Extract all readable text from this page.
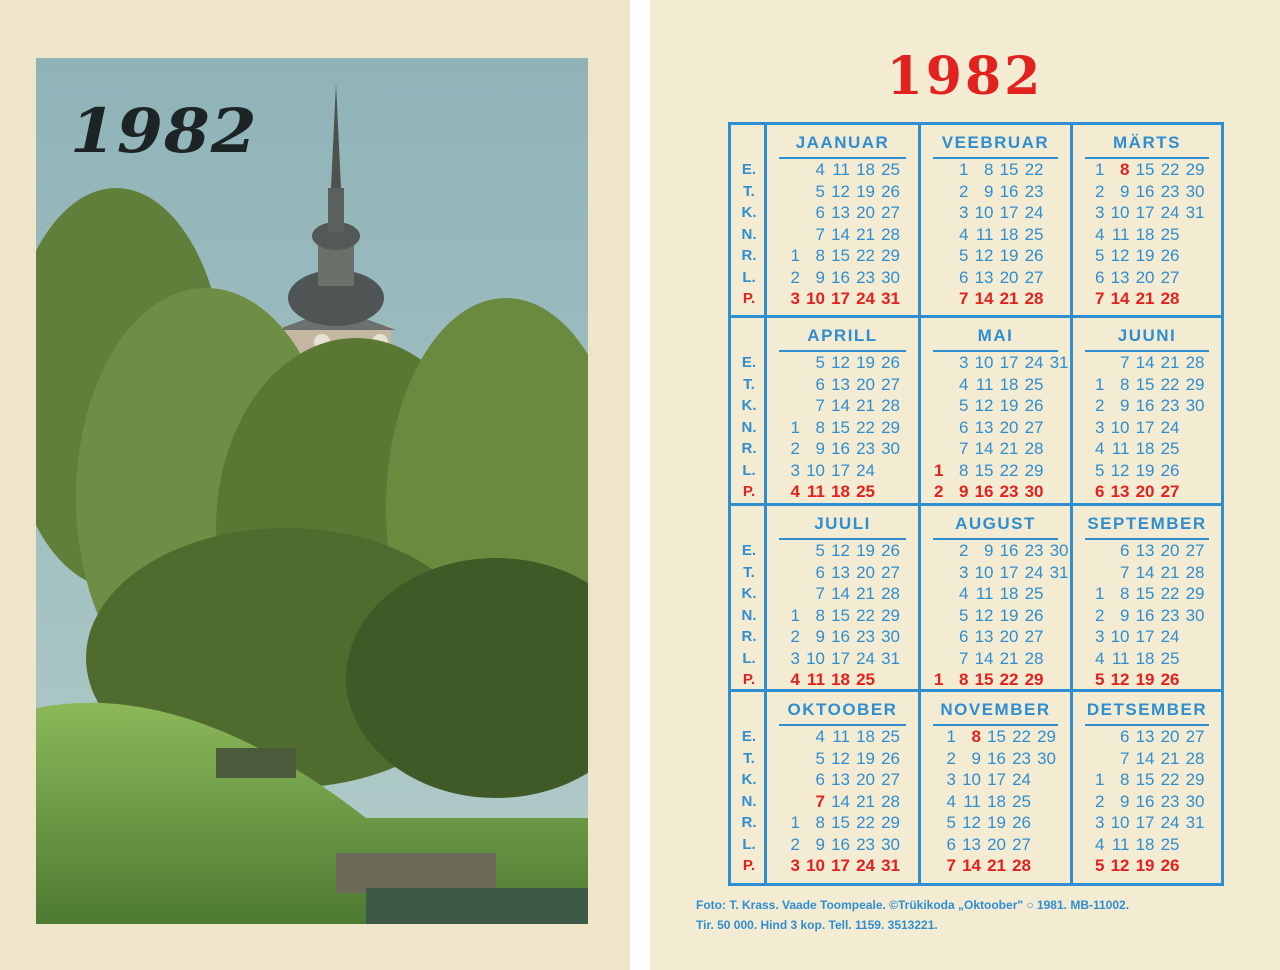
1982
1982
E.
T.
K.
N.
R.
L.
P.
JAANUAR
1
2
3
4
5
6
7
8
9
10
11
12
13
14
15
16
17
18
19
20
21
22
23
24
25
26
27
28
29
30
31
VEEBRUAR
1
2
3
4
5
6
7
8
9
10
11
12
13
14
15
16
17
18
19
20
21
22
23
24
25
26
27
28
MÄRTS
1
2
3
4
5
6
7
8
9
10
11
12
13
14
15
16
17
18
19
20
21
22
23
24
25
26
27
28
29
30
31
E.
T.
K.
N.
R.
L.
P.
APRILL
1
2
3
4
5
6
7
8
9
10
11
12
13
14
15
16
17
18
19
20
21
22
23
24
25
26
27
28
29
30
MAI
1
2
3
4
5
6
7
8
9
10
11
12
13
14
15
16
17
18
19
20
21
22
23
24
25
26
27
28
29
30
31
JUUNI
1
2
3
4
5
6
7
8
9
10
11
12
13
14
15
16
17
18
19
20
21
22
23
24
25
26
27
28
29
30
E.
T.
K.
N.
R.
L.
P.
JUULI
1
2
3
4
5
6
7
8
9
10
11
12
13
14
15
16
17
18
19
20
21
22
23
24
25
26
27
28
29
30
31
AUGUST
1
2
3
4
5
6
7
8
9
10
11
12
13
14
15
16
17
18
19
20
21
22
23
24
25
26
27
28
29
30
31
SEPTEMBER
1
2
3
4
5
6
7
8
9
10
11
12
13
14
15
16
17
18
19
20
21
22
23
24
25
26
27
28
29
30
E.
T.
K.
N.
R.
L.
P.
OKTOOBER
1
2
3
4
5
6
7
8
9
10
11
12
13
14
15
16
17
18
19
20
21
22
23
24
25
26
27
28
29
30
31
NOVEMBER
1
2
3
4
5
6
7
8
9
10
11
12
13
14
15
16
17
18
19
20
21
22
23
24
25
26
27
28
29
30
DETSEMBER
1
2
3
4
5
6
7
8
9
10
11
12
13
14
15
16
17
18
19
20
21
22
23
24
25
26
27
28
29
30
31
Foto: T. Krass. Vaade Toompeale. ©Trükikoda „Oktoober" ○ 1981. MB-11002.
Tir. 50 000. Hind 3 kop. Tell. 1159. 3513221.
